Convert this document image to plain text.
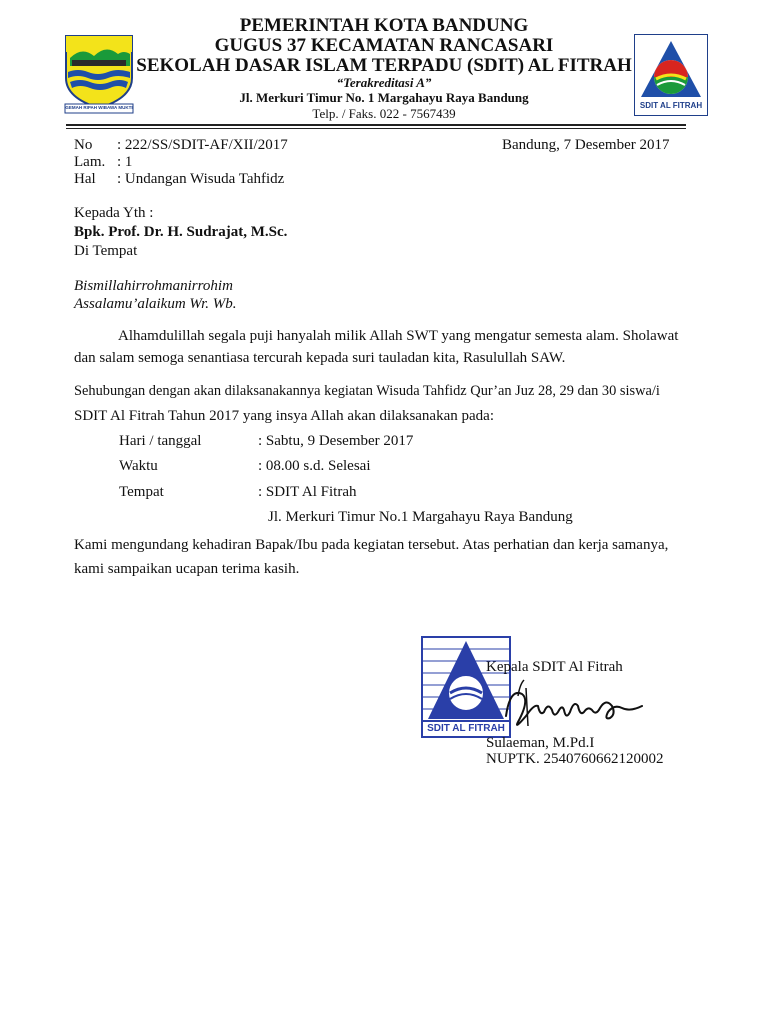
GEMAH RIPAH WIBAWA MUKTI	SDIT AL FITRAH
PEMERINTAH KOTA BANDUNG
GUGUS 37 KECAMATAN RANCASARI
SEKOLAH DASAR ISLAM TERPADU (SDIT) AL FITRAH
“Terakreditasi A”
Jl. Merkuri Timur No. 1 Margahayu Raya Bandung
Telp. / Faks. 022 - 7567439
No : 222/SS/SDIT-AF/XII/2017
Lam. : 1
Hal : Undangan Wisuda Tahfidz
Bandung, 7 Desember 2017
Kepada Yth :
Bpk. Prof. Dr. H. Sudrajat, M.Sc.
Di Tempat
Bismillahirrohmanirrohim
Assalamu’alaikum Wr. Wb.
Alhamdulillah segala puji hanyalah milik Allah SWT yang mengatur semesta alam. Sholawat
dan salam semoga senantiasa tercurah kepada suri tauladan kita, Rasulullah SAW.
Sehubungan dengan akan dilaksanakannya kegiatan Wisuda Tahfidz Qur’an Juz 28, 29 dan 30 siswa/i
SDIT Al Fitrah Tahun 2017 yang insya Allah akan dilaksanakan pada:
Hari / tanggal	: Sabtu, 9 Desember 2017
Waktu	: 08.00 s.d. Selesai
Tempat	: SDIT Al Fitrah
Jl. Merkuri Timur No.1 Margahayu Raya Bandung
Kami mengundang kehadiran Bapak/Ibu pada kegiatan tersebut. Atas perhatian dan kerja samanya,
kami sampaikan ucapan terima kasih.
SDIT AL FITRAH
Kepala SDIT Al Fitrah
Sulaeman, M.Pd.I
NUPTK. 2540760662120002
